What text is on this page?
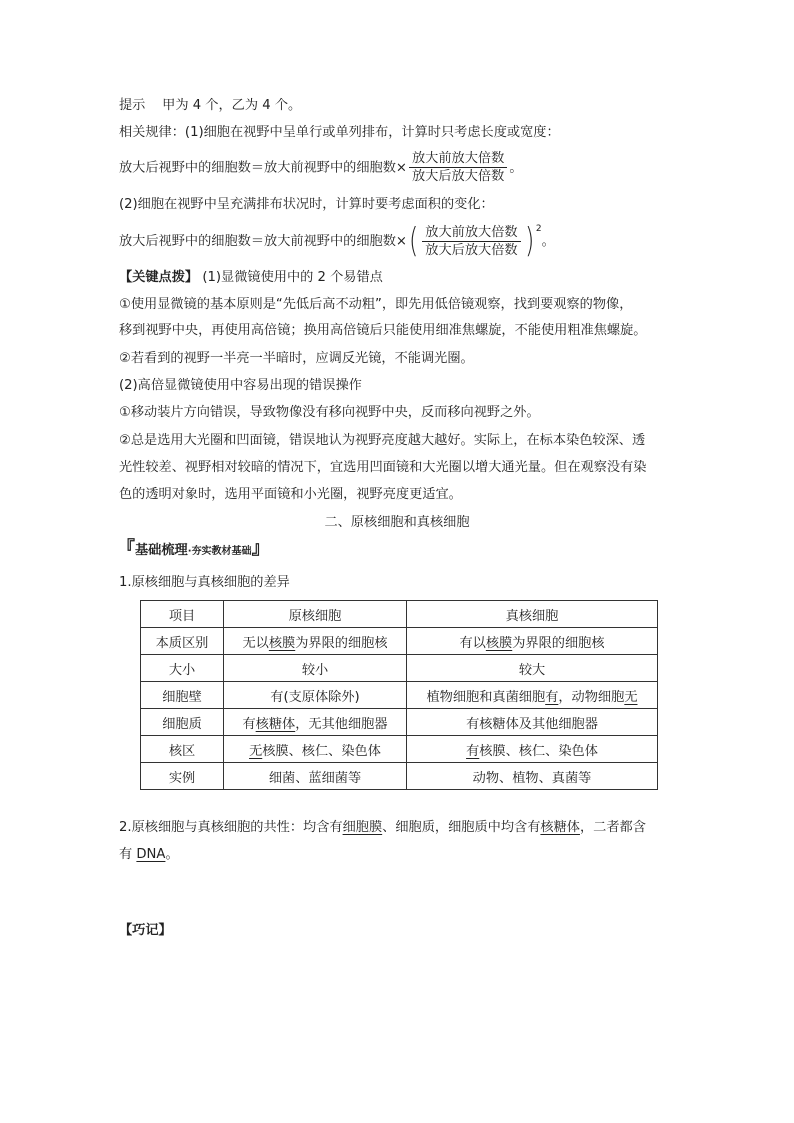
提示 甲为 4 个，乙为 4 个。
相关规律：(1)细胞在视野中呈单行或单列排布，计算时只考虑长度或宽度：
放大后视野中的细胞数＝放大前视野中的细胞数× $\frac{\text{放大前放大倍数}}{\text{放大后放大倍数}}$ 。
(2)细胞在视野中呈充满排布状况时，计算时要考虑面积的变化：
放大后视野中的细胞数＝放大前视野中的细胞数× ( $\frac{\text{放大前放大倍数}}{\text{放大后放大倍数}}$ ) $^2$。
【关键点拨】 (1)显微镜使用中的 2 个易错点
①使用显微镜的基本原则是“先低后高不动粗”，即先用低倍镜观察，找到要观察的物像，
移到视野中央，再使用高倍镜；换用高倍镜后只能使用细准焦螺旋，不能使用粗准焦螺旋。
②若看到的视野一半亮一半暗时，应调反光镜，不能调光圈。
(2)高倍显微镜使用中容易出现的错误操作
①移动装片方向错误，导致物像没有移向视野中央，反而移向视野之外。
②总是选用大光圈和凹面镜，错误地认为视野亮度越大越好。实际上，在标本染色较深、透
光性较差、视野相对较暗的情况下，宜选用凹面镜和大光圈以增大通光量。但在观察没有染
色的透明对象时，选用平面镜和小光圈，视野亮度更适宜。
二、原核细胞和真核细胞
『基础梳理·夯实教材基础』
1.原核细胞与真核细胞的差异
项目	原核细胞	真核细胞
本质区别	无以核膜为界限的细胞核	有以核膜为界限的细胞核
大小	较小	较大
细胞壁	有(支原体除外)	植物细胞和真菌细胞有，动物细胞无
细胞质	有核糖体，无其他细胞器	有核糖体及其他细胞器
核区	无核膜、核仁、染色体	有核膜、核仁、染色体
实例	细菌、蓝细菌等	动物、植物、真菌等
2.原核细胞与真核细胞的共性：均含有细胞膜、细胞质，细胞质中均含有核糖体，二者都含
有 DNA。
【巧记】
